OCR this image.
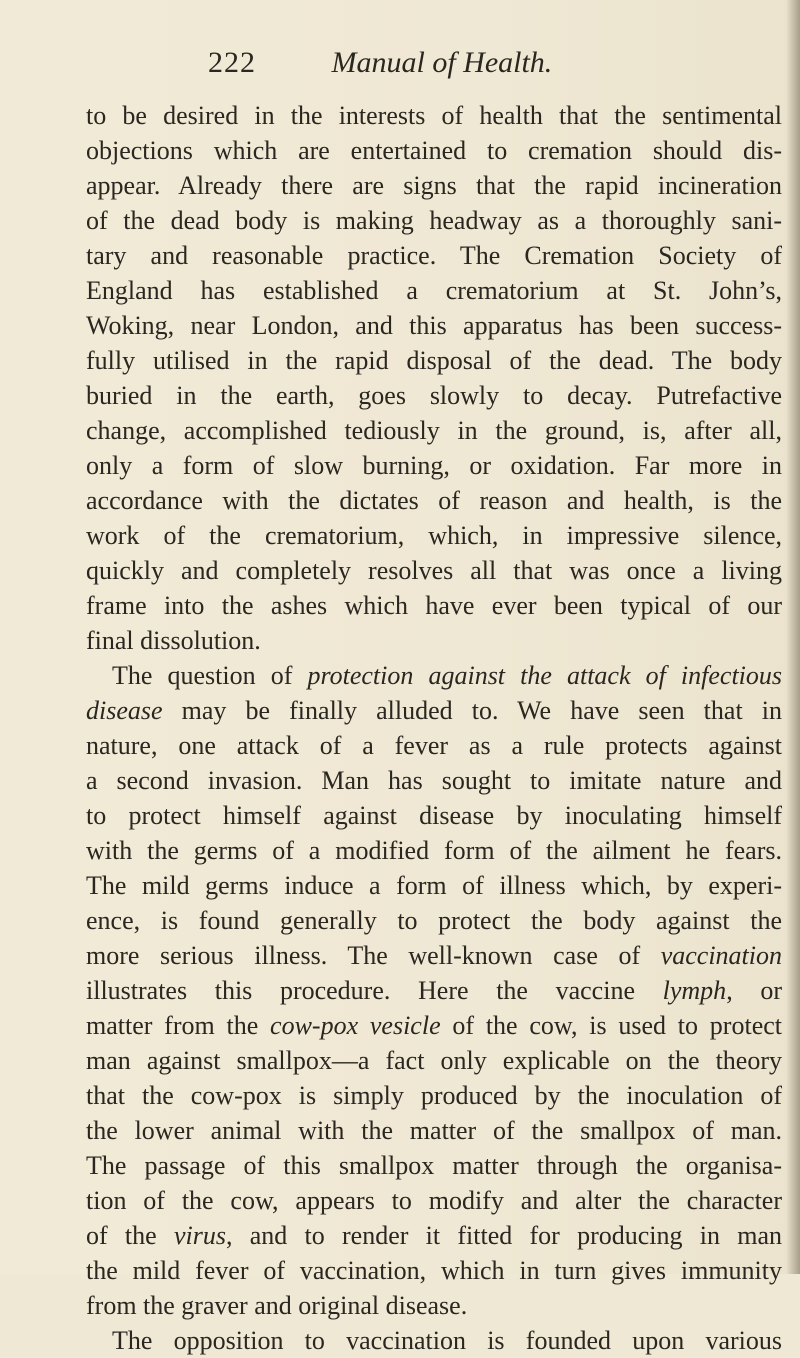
222	Manual of Health.
to be desired in the interests of health that the sentimental
objections which are entertained to cremation should dis-
appear. Already there are signs that the rapid incineration
of the dead body is making headway as a thoroughly sani-
tary and reasonable practice. The Cremation Society of
England has established a crematorium at St. John’s,
Woking, near London, and this apparatus has been success-
fully utilised in the rapid disposal of the dead. The body
buried in the earth, goes slowly to decay. Putrefactive
change, accomplished tediously in the ground, is, after all,
only a form of slow burning, or oxidation. Far more in
accordance with the dictates of reason and health, is the
work of the crematorium, which, in impressive silence,
quickly and completely resolves all that was once a living
frame into the ashes which have ever been typical of our
final dissolution.
The question of protection against the attack of infectious
disease may be finally alluded to. We have seen that in
nature, one attack of a fever as a rule protects against
a second invasion. Man has sought to imitate nature and
to protect himself against disease by inoculating himself
with the germs of a modified form of the ailment he fears.
The mild germs induce a form of illness which, by experi-
ence, is found generally to protect the body against the
more serious illness. The well-known case of vaccination
illustrates this procedure. Here the vaccine lymph, or
matter from the cow-pox vesicle of the cow, is used to protect
man against smallpox—a fact only explicable on the theory
that the cow-pox is simply produced by the inoculation of
the lower animal with the matter of the smallpox of man.
The passage of this smallpox matter through the organisa-
tion of the cow, appears to modify and alter the character
of the virus, and to render it fitted for producing in man
the mild fever of vaccination, which in turn gives immunity
from the graver and original disease.
The opposition to vaccination is founded upon various
